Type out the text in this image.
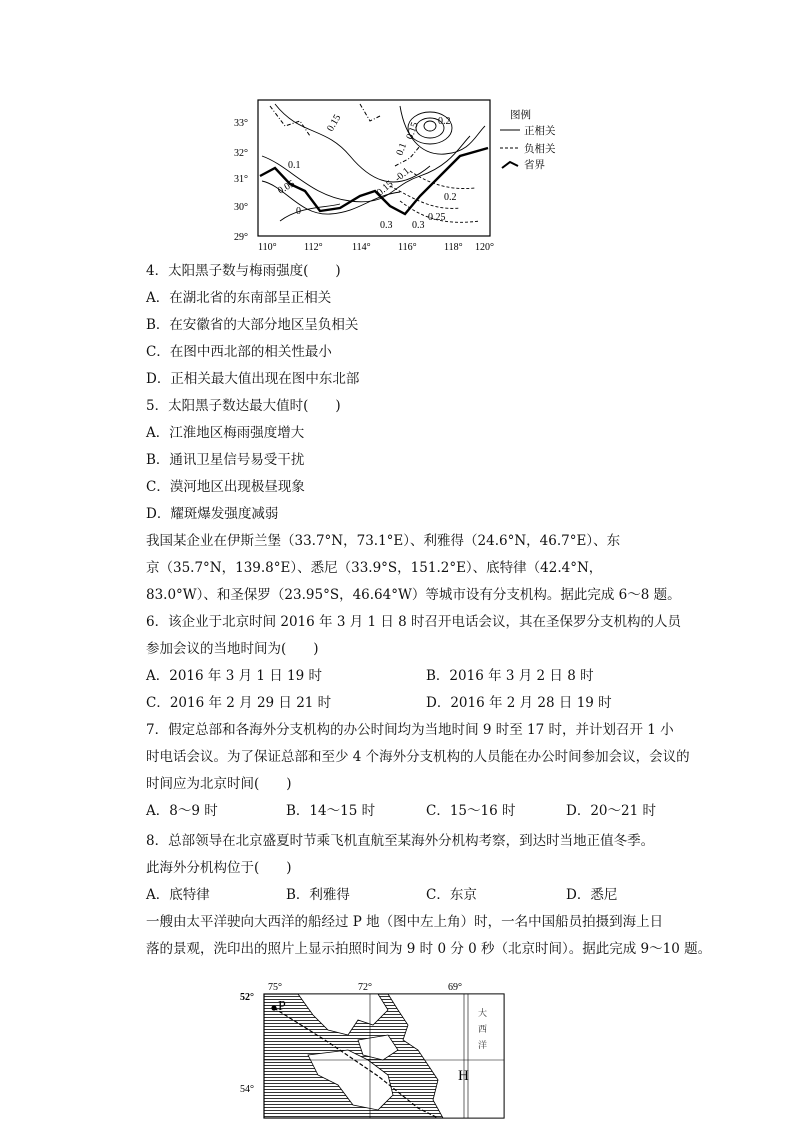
0.15
0.1
0.2
0.15
0.1
0.05
0
-0.1
0.15	0.2
0.25
0.3
0.3
33°
32°
31°
30°
29°
110°	112°	114°	116°	118° 120°
图例
正相关
负相关
省界
4．太阳黑子数与梅雨强度(　　)
A．在湖北省的东南部呈正相关
B．在安徽省的大部分地区呈负相关
C．在图中西北部的相关性最小
D．正相关最大值出现在图中东北部
5．太阳黑子数达最大值时(　　)
A．江淮地区梅雨强度增大
B．通讯卫星信号易受干扰
C．漠河地区出现极昼现象
D．耀斑爆发强度减弱
我国某企业在伊斯兰堡（33.7°N，73.1°E）、利雅得（24.6°N，46.7°E）、东
京（35.7°N，139.8°E）、悉尼（33.9°S，151.2°E）、底特律（42.4°N，
83.0°W）、和圣保罗（23.95°S，46.64°W）等城市设有分支机构。据此完成 6～8 题。
6．该企业于北京时间 2016 年 3 月 1 日 8 时召开电话会议，其在圣保罗分支机构的人员
参加会议的当地时间为(　　)
A．2016 年 3 月 1 日 19 时	B．2016 年 3 月 2 日 8 时
C．2016 年 2 月 29 日 21 时	D．2016 年 2 月 28 日 19 时
7．假定总部和各海外分支机构的办公时间均为当地时间 9 时至 17 时，并计划召开 1 小
时电话会议。为了保证总部和至少 4 个海外分支机构的人员能在办公时间参加会议，会议的
时间应为北京时间(　　)
A．8～9 时	B．14～15 时	C．15～16 时	D．20～21 时
8．总部领导在北京盛夏时节乘飞机直航至某海外分机构考察，到达时当地正值冬季。
此海外分机构位于(　　)
A．底特律	B．利雅得	C．东京	D．悉尼
一艘由太平洋驶向大西洋的船经过 P 地（图中左上角）时，一名中国船员拍摄到海上日
落的景观，洗印出的照片上显示拍照时间为 9 时 0 分 0 秒（北京时间）。据此完成 9～10 题。
P
H
大
西
洋
75°	72°	69°
52°
54°
